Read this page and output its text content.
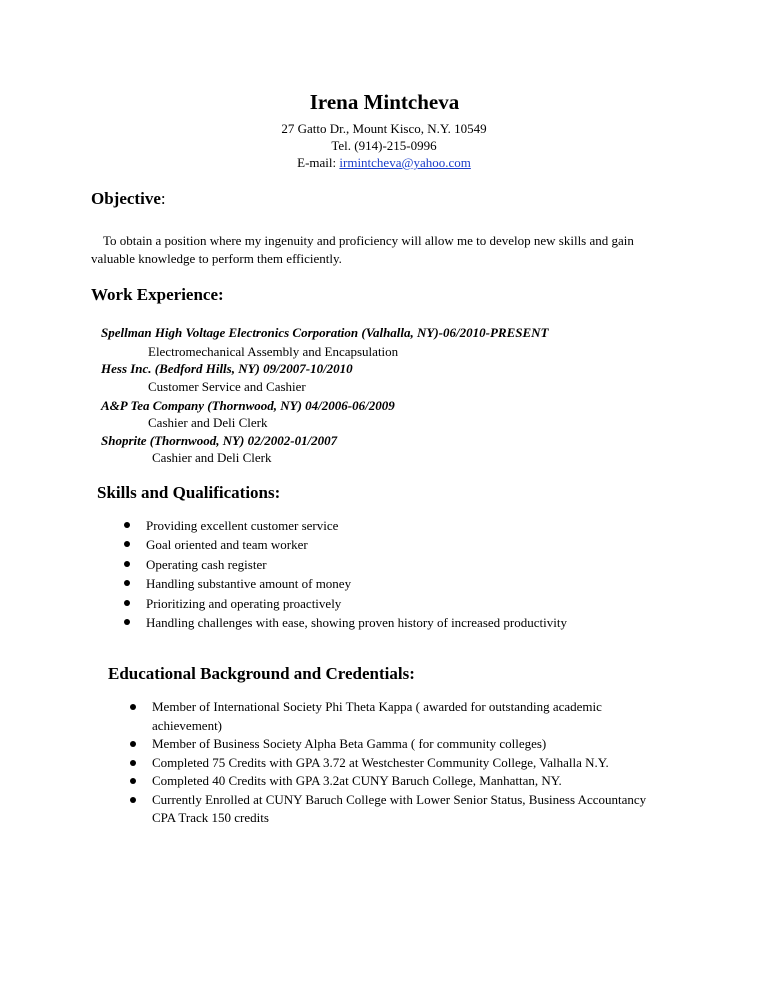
Irena Mintcheva
27 Gatto Dr., Mount Kisco, N.Y. 10549
Tel. (914)-215-0996
E-mail: irmintcheva@yahoo.com
Objective:
To obtain a position where my ingenuity and proficiency will allow me to develop new skills and gain
valuable knowledge to perform them efficiently.
Work Experience:
Spellman High Voltage Electronics Corporation (Valhalla, NY)-06/2010-PRESENT
Electromechanical Assembly and Encapsulation
Hess Inc. (Bedford Hills, NY) 09/2007-10/2010
Customer Service and Cashier
A&P Tea Company (Thornwood, NY) 04/2006-06/2009
Cashier and Deli Clerk
Shoprite (Thornwood, NY) 02/2002-01/2007
Cashier and Deli Clerk
Skills and Qualifications:
Providing excellent customer service
Goal oriented and team worker
Operating cash register
Handling substantive amount of money
Prioritizing and operating proactively
Handling challenges with ease, showing proven history of increased productivity
Educational Background and Credentials:
Member of International Society Phi Theta Kappa ( awarded for outstanding academic
achievement)
Member of Business Society Alpha Beta Gamma ( for community colleges)
Completed 75 Credits with GPA 3.72 at Westchester Community College, Valhalla N.Y.
Completed 40 Credits with GPA 3.2at CUNY Baruch College, Manhattan, NY.
Currently Enrolled at CUNY Baruch College with Lower Senior Status, Business Accountancy
CPA Track 150 credits
